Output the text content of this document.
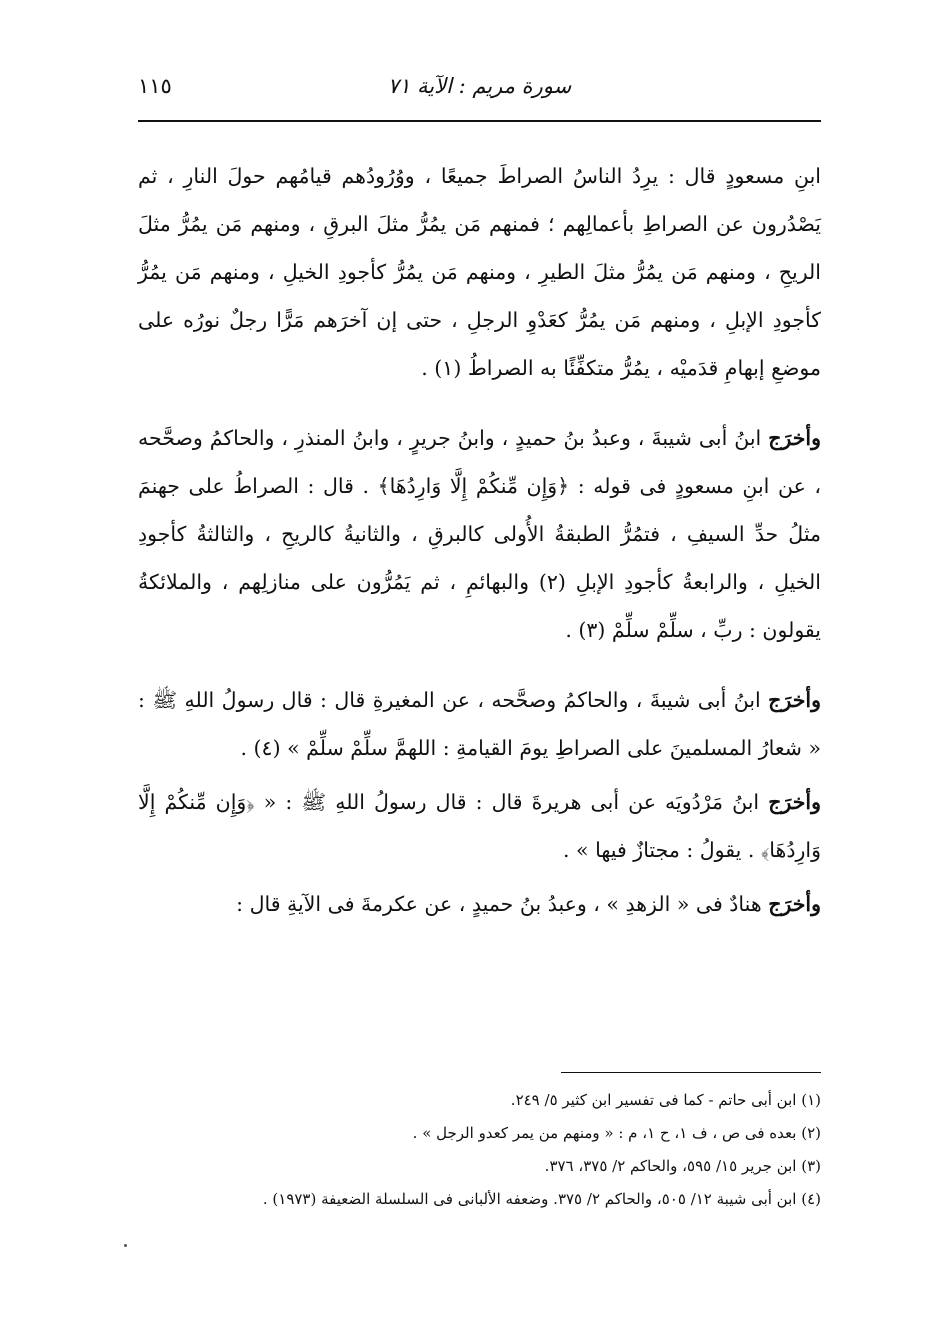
سورة مريم : الآية ٧١
١١٥

ابنِ مسعودٍ قال : يرِدُ الناسُ الصراطَ جميعًا ، ووُرُودُهم قيامُهم حولَ النارِ ، ثم يَصْدُرون عن الصراطِ بأعمالِهم ؛ فمنهم مَن يمُرُّ مثلَ البرقِ ، ومنهم مَن يمُرُّ مثلَ الريحِ ، ومنهم مَن يمُرُّ مثلَ الطيرِ ، ومنهم مَن يمُرُّ كأجودِ الخيلِ ، ومنهم مَن يمُرُّ كأجودِ الإبلِ ، ومنهم مَن يمُرُّ كعَدْوِ الرجلِ ، حتى إن آخرَهم مَرًّا رجلٌ نورُه على موضعِ إبهامِ قدَميْه ، يمُرُّ متكفِّئًا به الصراطُ (١) .

وأخرَج ابنُ أبى شيبةَ ، وعبدُ بنُ حميدٍ ، وابنُ جريرٍ ، وابنُ المنذرِ ، والحاكمُ وصحَّحه ، عن ابنِ مسعودٍ فى قوله : ﴿وَإِن مِّنكُمْ إِلَّا وَارِدُهَا﴾ . قال : الصراطُ على جهنمَ مثلُ حدِّ السيفِ ، فتمُرُّ الطبقةُ الأُولى كالبرقِ ، والثانيةُ كالريحِ ، والثالثةُ كأجودِ الخيلِ ، والرابعةُ كأجودِ الإبلِ (٢) والبهائمِ ، ثم يَمُرُّون على منازلِهم ، والملائكةُ يقولون : ربِّ ، سلِّمْ سلِّمْ (٣) .

وأخرَج ابنُ أبى شيبةَ ، والحاكمُ وصحَّحه ، عن المغيرةِ قال : قال رسولُ اللهِ ﷺ : « شعارُ المسلمينَ على الصراطِ يومَ القيامةِ : اللهمَّ سلِّمْ سلِّمْ » (٤) .

وأخرَج ابنُ مَرْدُويَه عن أبى هريرةَ قال : قال رسولُ اللهِ ﷺ : « ﴿وَإِن مِّنكُمْ إِلَّا وَارِدُهَا﴾ . يقولُ : مجتازٌ فيها » .

وأخرَج هنادٌ فى « الزهدِ » ، وعبدُ بنُ حميدٍ ، عن عكرمةَ فى الآيةِ قال :

(١) ابن أبى حاتم - كما فى تفسير ابن كثير ٥/ ٢٤٩.

(٢) بعده فى ص ، ف ١، ح ١، م : « ومنهم من يمر كعدو الرجل » .

(٣) ابن جرير ١٥/ ٥٩٥، والحاكم ٢/ ٣٧٥، ٣٧٦.

(٤) ابن أبى شيبة ١٢/ ٥٠٥، والحاكم ٢/ ٣٧٥. وضعفه الألبانى فى السلسلة الضعيفة (١٩٧٣) .
